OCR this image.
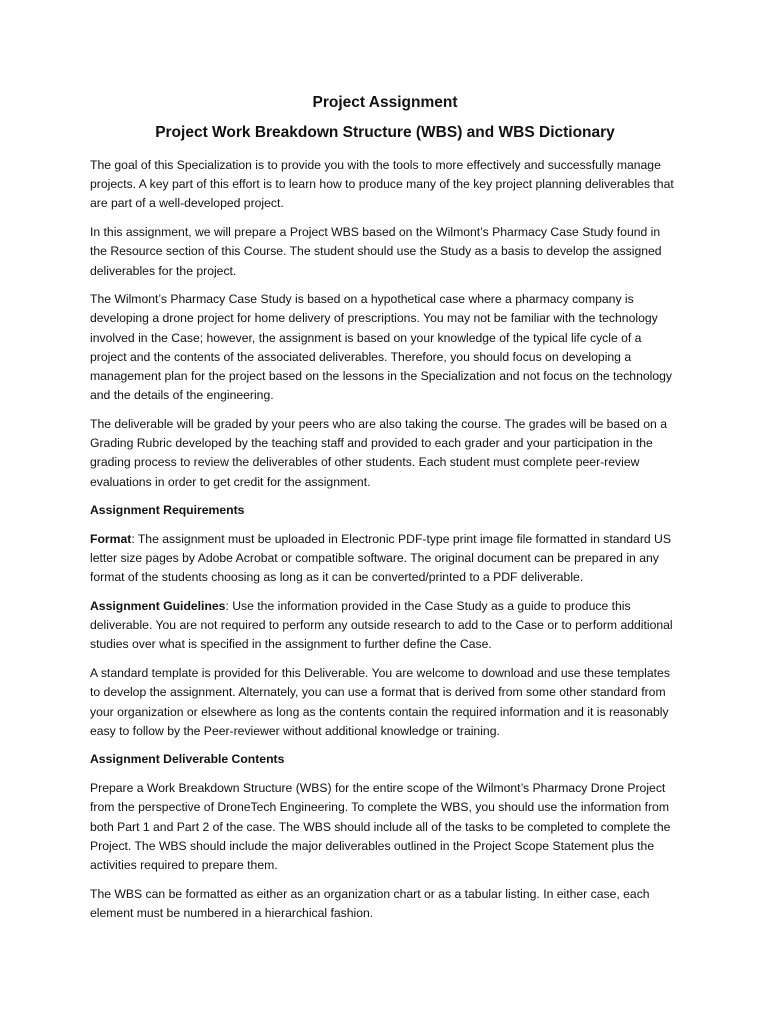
Project Assignment
Project Work Breakdown Structure (WBS) and WBS Dictionary

The goal of this Specialization is to provide you with the tools to more effectively and successfully manage projects. A key part of this effort is to learn how to produce many of the key project planning deliverables that are part of a well-developed project.

In this assignment, we will prepare a Project WBS based on the Wilmont’s Pharmacy Case Study found in the Resource section of this Course. The student should use the Study as a basis to develop the assigned deliverables for the project.

The Wilmont’s Pharmacy Case Study is based on a hypothetical case where a pharmacy company is developing a drone project for home delivery of prescriptions. You may not be familiar with the technology involved in the Case; however, the assignment is based on your knowledge of the typical life cycle of a project and the contents of the associated deliverables. Therefore, you should focus on developing a management plan for the project based on the lessons in the Specialization and not focus on the technology and the details of the engineering.

The deliverable will be graded by your peers who are also taking the course. The grades will be based on a Grading Rubric developed by the teaching staff and provided to each grader and your participation in the grading process to review the deliverables of other students. Each student must complete peer-review evaluations in order to get credit for the assignment.

Assignment Requirements

Format: The assignment must be uploaded in Electronic PDF-type print image file formatted in standard US letter size pages by Adobe Acrobat or compatible software. The original document can be prepared in any format of the students choosing as long as it can be converted/printed to a PDF deliverable.

Assignment Guidelines: Use the information provided in the Case Study as a guide to produce this deliverable. You are not required to perform any outside research to add to the Case or to perform additional studies over what is specified in the assignment to further define the Case.

A standard template is provided for this Deliverable. You are welcome to download and use these templates to develop the assignment. Alternately, you can use a format that is derived from some other standard from your organization or elsewhere as long as the contents contain the required information and it is reasonably easy to follow by the Peer-reviewer without additional knowledge or training.

Assignment Deliverable Contents

Prepare a Work Breakdown Structure (WBS) for the entire scope of the Wilmont’s Pharmacy Drone Project from the perspective of DroneTech Engineering. To complete the WBS, you should use the information from both Part 1 and Part 2 of the case. The WBS should include all of the tasks to be completed to complete the Project. The WBS should include the major deliverables outlined in the Project Scope Statement plus the activities required to prepare them.

The WBS can be formatted as either as an organization chart or as a tabular listing. In either case, each element must be numbered in a hierarchical fashion.
